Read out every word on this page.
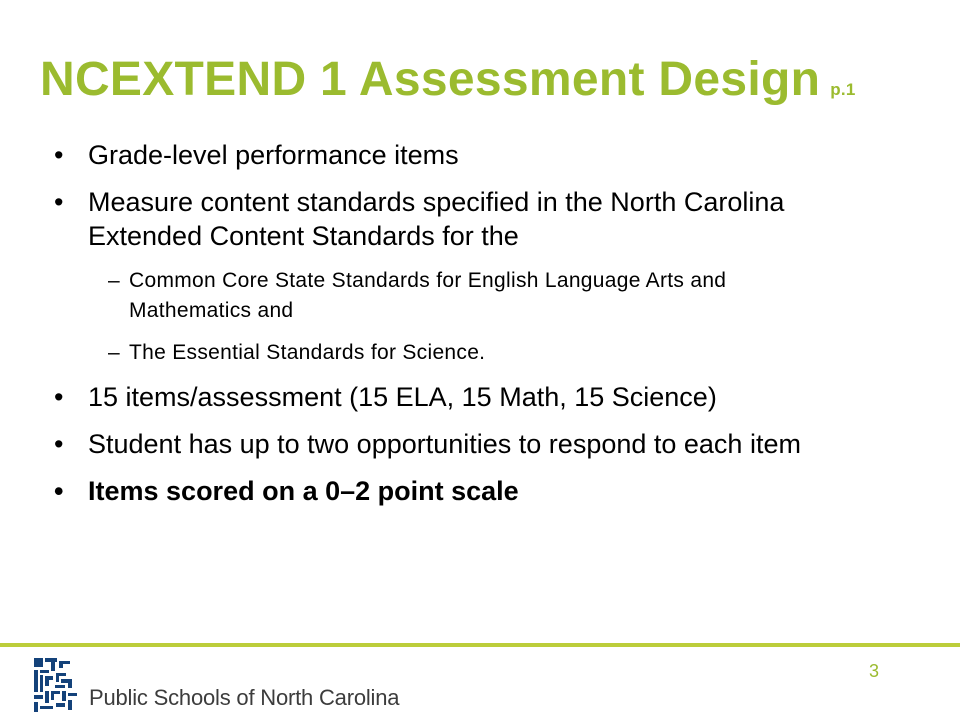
NCEXTEND 1 Assessment Design p.1
• Grade-level performance items
• Measure content standards specified in the North Carolina Extended Content Standards for the
– Common Core State Standards for English Language Arts and Mathematics and
– The Essential Standards for Science.
• 15 items/assessment (15 ELA, 15 Math, 15 Science)
• Student has up to two opportunities to respond to each item
• Items scored on a 0–2 point scale
Public Schools of North Carolina
3
